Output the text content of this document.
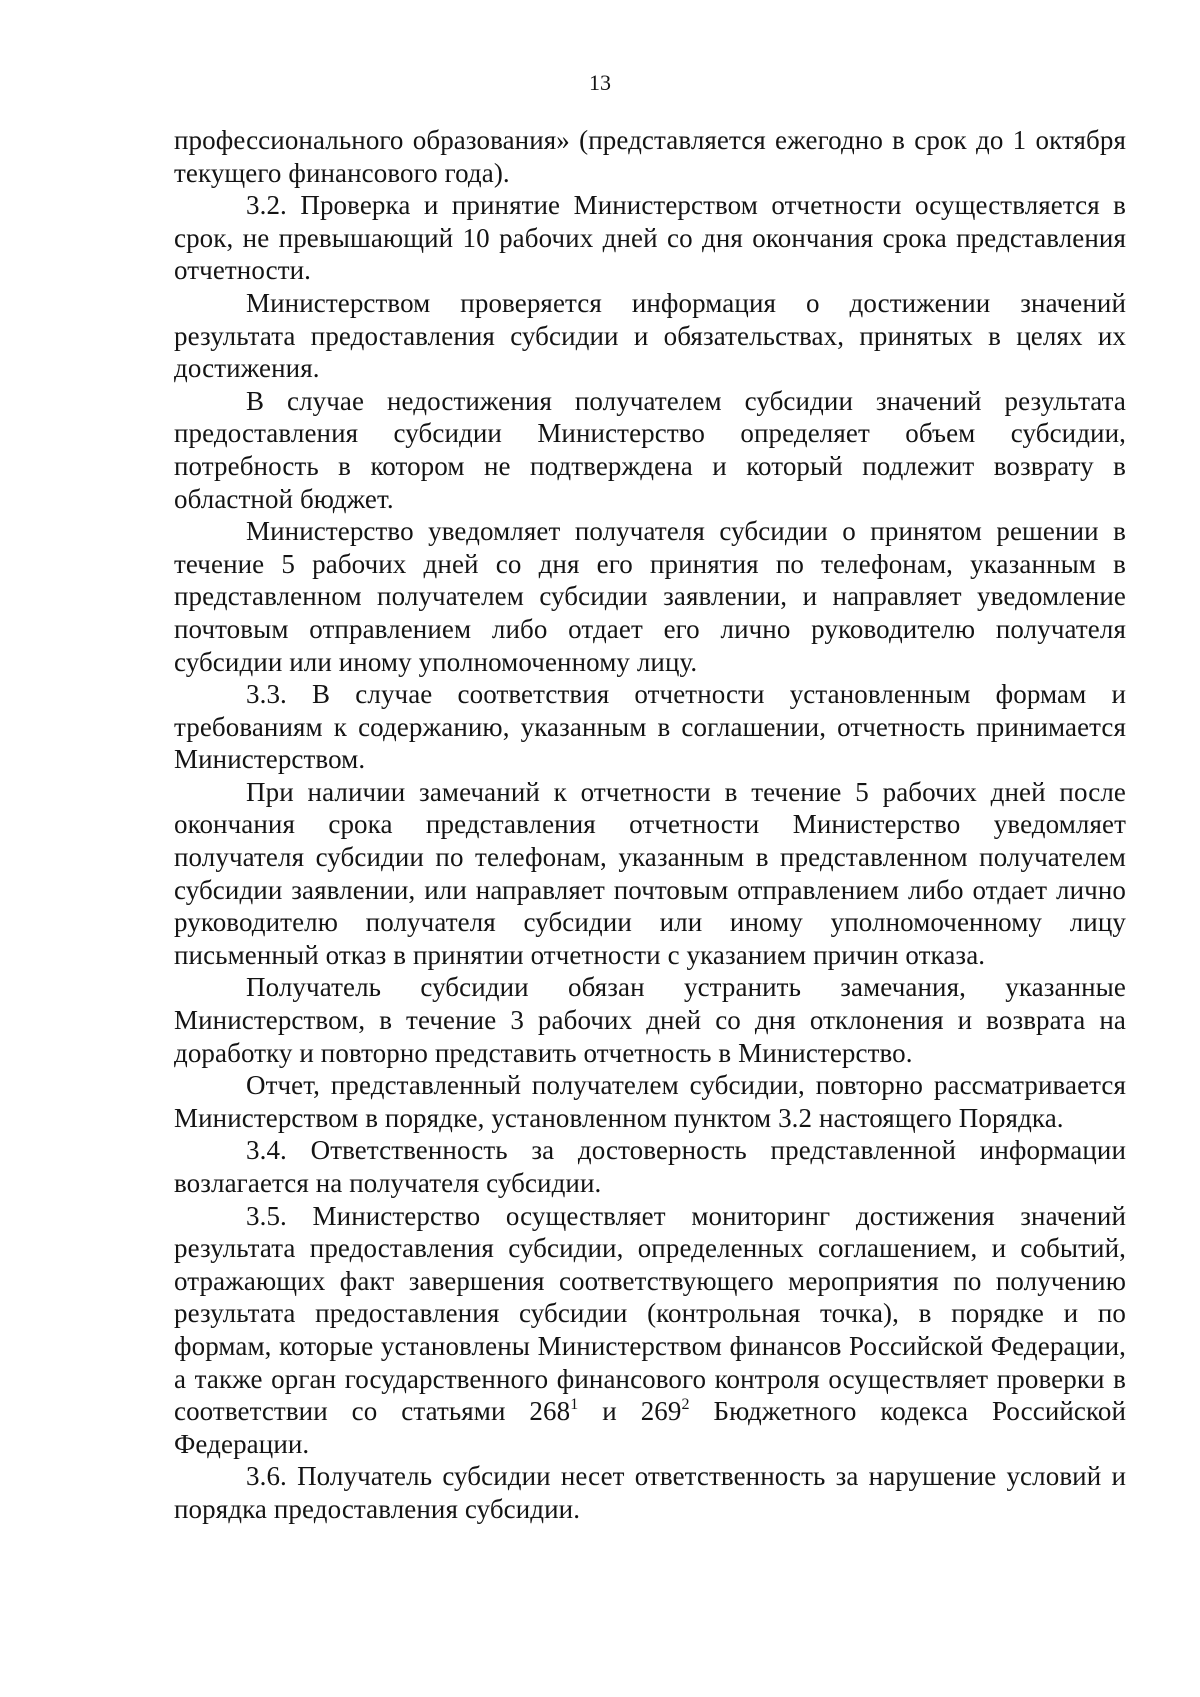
13

профессионального образования» (представляется ежегодно в срок до 1 октября текущего финансового года).

3.2. Проверка и принятие Министерством отчетности осуществляется в срок, не превышающий 10 рабочих дней со дня окончания срока представления отчетности.

Министерством проверяется информация о достижении значений результата предоставления субсидии и обязательствах, принятых в целях их достижения.

В случае недостижения получателем субсидии значений результата предоставления субсидии Министерство определяет объем субсидии, потребность в котором не подтверждена и который подлежит возврату в областной бюджет.

Министерство уведомляет получателя субсидии о принятом решении в течение 5 рабочих дней со дня его принятия по телефонам, указанным в представленном получателем субсидии заявлении, и направляет уведомление почтовым отправлением либо отдает его лично руководителю получателя субсидии или иному уполномоченному лицу.

3.3. В случае соответствия отчетности установленным формам и требованиям к содержанию, указанным в соглашении, отчетность принимается Министерством.

При наличии замечаний к отчетности в течение 5 рабочих дней после окончания срока представления отчетности Министерство уведомляет получателя субсидии по телефонам, указанным в представленном получателем субсидии заявлении, или направляет почтовым отправлением либо отдает лично руководителю получателя субсидии или иному уполномоченному лицу письменный отказ в принятии отчетности с указанием причин отказа.

Получатель субсидии обязан устранить замечания, указанные Министерством, в течение 3 рабочих дней со дня отклонения и возврата на доработку и повторно представить отчетность в Министерство.

Отчет, представленный получателем субсидии, повторно рассматривается Министерством в порядке, установленном пунктом 3.2 настоящего Порядка.

3.4. Ответственность за достоверность представленной информации возлагается на получателя субсидии.

3.5. Министерство осуществляет мониторинг достижения значений результата предоставления субсидии, определенных соглашением, и событий, отражающих факт завершения соответствующего мероприятия по получению результата предоставления субсидии (контрольная точка), в порядке и по формам, которые установлены Министерством финансов Российской Федерации, а также орган государственного финансового контроля осуществляет проверки в соответствии со статьями $268^1$ и $269^2$ Бюджетного кодекса Российской Федерации.

3.6. Получатель субсидии несет ответственность за нарушение условий и порядка предоставления субсидии.
